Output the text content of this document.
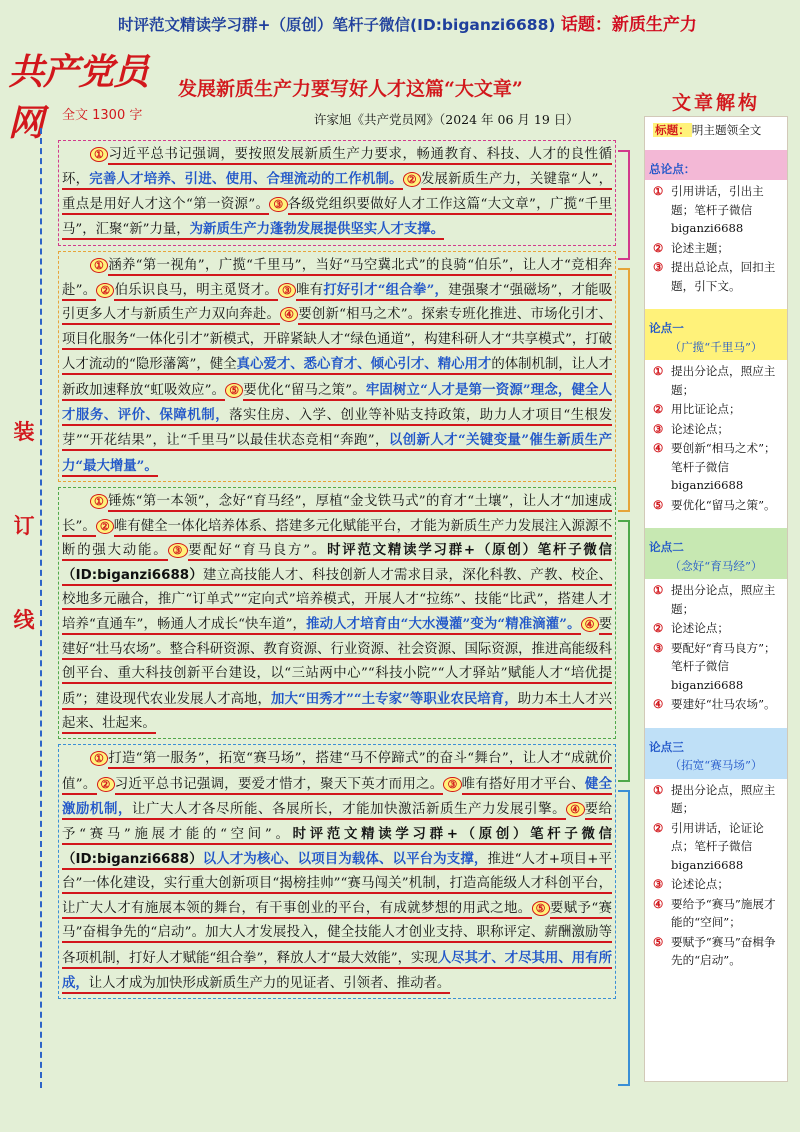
时评范文精读学习群+（原创）笔杆子微信(ID:biganzi6688) 话题：新质生产力
共产党员网
发展新质生产力要写好人才这篇“大文章”
全文 1300 字	许家旭《共产党员网》（2024 年 06 月 19 日）
装
订
线

① 习近平总书记强调，要按照发展新质生产力要求，畅通教育、科技、人才的良性循环，完善人才培养、引进、使用、合理流动的工作机制。 ② 发展新质生产力，关键靠“人”，重点是用好人才这个“第一资源”。 ③ 各级党组织要做好人才工作这篇“大文章”，广揽“千里马”，汇聚“新”力量，为新质生产力蓬勃发展提供坚实人才支撑。

① 涵养“第一视角”，广揽“千里马”，当好“马空冀北式”的良骑“伯乐”，让人才“竞相奔赴”。 ② 伯乐识良马，明主觅贤才。 ③ 唯有打好引才“组合拳”，建强聚才“强磁场”，才能吸引更多人才与新质生产力双向奔赴。 ④ 要创新“相马之术”。探索专班化推进、市场化引才、项目化服务“一体化引才”新模式，开辟紧缺人才“绿色通道”，构建科研人才“共享模式”，打破人才流动的“隐形藩篱”，健全真心爱才、悉心育才、倾心引才、精心用才的体制机制，让人才新政加速释放“虹吸效应”。 ⑤ 要优化“留马之策”。牢固树立“人才是第一资源”理念，健全人才服务、评价、保障机制，落实住房、入学、创业等补贴支持政策，助力人才项目“生根发芽”“开花结果”，让“千里马”以最佳状态竞相“奔跑”，以创新人才“关键变量”催生新质生产力“最大增量”。

① 锤炼“第一本领”，念好“育马经”，厚植“金戈铁马式”的育才“土壤”，让人才“加速成长”。 ② 唯有健全一体化培养体系、搭建多元化赋能平台，才能为新质生产力发展注入源源不断的强大动能。 ③ 要配好“育马良方”。时评范文精读学习群+（原创）笔杆子微信（ID:biganzi6688）建立高技能人才、科技创新人才需求目录，深化科教、产教、校企、校地多元融合，推广“订单式”“定向式”培养模式，开展人才“拉练”、技能“比武”，搭建人才培养“直通车”，畅通人才成长“快车道”，推动人才培育由“大水漫灌”变为“精准滴灌”。 ④ 要建好“壮马农场”。整合科研资源、教育资源、行业资源、社会资源、国际资源，推进高能级科创平台、重大科技创新平台建设，以“三站两中心”“科技小院”“人才驿站”赋能人才“培优提质”；建设现代农业发展人才高地，加大“田秀才”“土专家”等职业农民培育，助力本土人才兴起来、壮起来。

① 打造“第一服务”，拓宽“赛马场”，搭建“马不停蹄式”的奋斗“舞台”，让人才“成就价值”。 ② 习近平总书记强调，要爱才惜才，聚天下英才而用之。 ③ 唯有搭好用才平台、健全激励机制，让广大人才各尽所能、各展所长，才能加快激活新质生产力发展引擎。 ④ 要给予“赛马”施展才能的“空间”。时评范文精读学习群+（原创）笔杆子微信（ID:biganzi6688）以人才为核心、以项目为载体、以平台为支撑，推进“人才+项目+平台”一体化建设，实行重大创新项目“揭榜挂帅”“赛马闯关”机制，打造高能级人才科创平台，让广大人才有施展本领的舞台，有干事创业的平台，有成就梦想的用武之地。 ⑤ 要赋予“赛马”奋楫争先的“启动”。加大人才发展投入，健全技能人才创业支持、职称评定、薪酬激励等各项机制，打好人才赋能“组合拳”，释放人才“最大效能”，实现人尽其才、才尽其用、用有所成，让人才成为加快形成新质生产力的见证者、引领者、推动者。

文章解构
标题： 明主题领全文
总论点：
① 引用讲话，引出主题；笔杆子微信 biganzi6688
② 论述主题；
③ 提出总论点，回扣主题，引下文。
论点一
（广揽“千里马”）
① 提出分论点，照应主题；
② 用比证论点；
③ 论述论点；
④ 要创新“相马之术”；笔杆子微信 biganzi6688
⑤ 要优化“留马之策”。
论点二
（念好“育马经”）
① 提出分论点，照应主题；
② 论述论点；
③ 要配好“育马良方”；笔杆子微信 biganzi6688
④ 要建好“壮马农场”。
论点三
（拓宽“赛马场”）
① 提出分论点，照应主题；
② 引用讲话，论证论点；笔杆子微信 biganzi6688
③ 论述论点；
④ 要给予“赛马”施展才能的“空间”；
⑤ 要赋予“赛马”奋楫争先的“启动”。
